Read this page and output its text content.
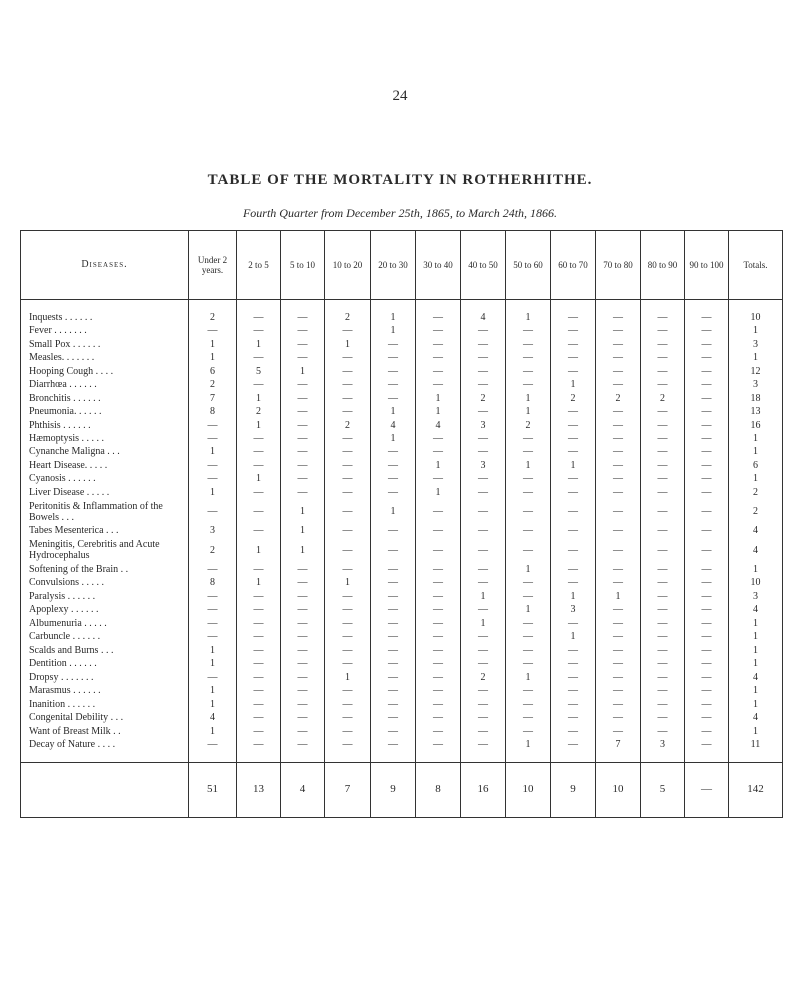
24
TABLE OF THE MORTALITY IN ROTHERHITHE.
Fourth Quarter from December 25th, 1865, to March 24th, 1866.
Diseases.	Under 2 years.	2 to 5	5 to 10	10 to 20	20 to 30	30 to 40	40 to 50	50 to 60	60 to 70	70 to 80	80 to 90	90 to 100	Totals.

Inquests . . . . . .	2	—	—	2	1	—	4	1	—	—	—	—	10
Fever . . . . . . .	—	—	—	—	1	—	—	—	—	—	—	—	1
Small Pox . . . . . .	1	1	—	1	—	—	—	—	—	—	—	—	3
Measles. . . . . . .	1	—	—	—	—	—	—	—	—	—	—	—	1
Hooping Cough . . . .	6	5	1	—	—	—	—	—	—	—	—	—	12
Diarrhœa . . . . . .	2	—	—	—	—	—	—	—	1	—	—	—	3
Bronchitis . . . . . .	7	1	—	—	—	1	2	1	2	2	2	—	18
Pneumonia. . . . . .	8	2	—	—	1	1	—	1	—	—	—	—	13
Phthisis . . . . . .	—	1	—	2	4	4	3	2	—	—	—	—	16
Hæmoptysis . . . . .	—	—	—	—	1	—	—	—	—	—	—	—	1
Cynanche Maligna . . .	1	—	—	—	—	—	—	—	—	—	—	—	1
Heart Disease. . . . .	—	—	—	—	—	1	3	1	1	—	—	—	6
Cyanosis . . . . . .	—	1	—	—	—	—	—	—	—	—	—	—	1
Liver Disease . . . . .	1	—	—	—	—	1	—	—	—	—	—	—	2
Peritonitis & Inflammation of the Bowels . . .	—	—	1	—	1	—	—	—	—	—	—	—	2
Tabes Mesenterica . . .	3	—	1	—	—	—	—	—	—	—	—	—	4
Meningitis, Cerebritis and Acute Hydrocephalus	2	1	1	—	—	—	—	—	—	—	—	—	4
Softening of the Brain . .	—	—	—	—	—	—	—	1	—	—	—	—	1
Convulsions . . . . .	8	1	—	1	—	—	—	—	—	—	—	—	10
Paralysis . . . . . .	—	—	—	—	—	—	1	—	1	1	—	—	3
Apoplexy . . . . . .	—	—	—	—	—	—	—	1	3	—	—	—	4
Albumenuria . . . . .	—	—	—	—	—	—	1	—	—	—	—	—	1
Carbuncle . . . . . .	—	—	—	—	—	—	—	—	1	—	—	—	1
Scalds and Burns . . .	1	—	—	—	—	—	—	—	—	—	—	—	1
Dentition . . . . . .	1	—	—	—	—	—	—	—	—	—	—	—	1
Dropsy . . . . . . .	—	—	—	1	—	—	2	1	—	—	—	—	4
Marasmus . . . . . .	1	—	—	—	—	—	—	—	—	—	—	—	1
Inanition . . . . . .	1	—	—	—	—	—	—	—	—	—	—	—	1
Congenital Debility . . .	4	—	—	—	—	—	—	—	—	—	—	—	4
Want of Breast Milk . .	1	—	—	—	—	—	—	—	—	—	—	—	1
Decay of Nature . . . .	—	—	—	—	—	—	—	1	—	7	3	—	11

	51	13	4	7	9	8	16	10	9	10	5	—	142
